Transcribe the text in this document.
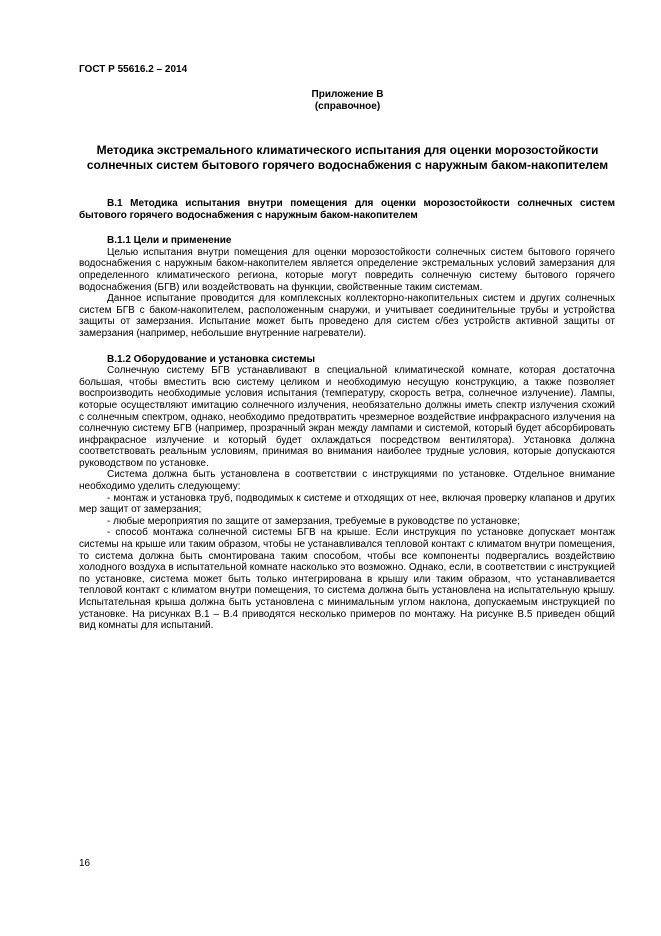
ГОСТ Р 55616.2 – 2014

Приложение В

(справочное)

Методика экстремального климатического испытания для оценки морозостойкости солнечных систем бытового горячего водоснабжения с наружным баком-накопителем

В.1 Методика испытания внутри помещения для оценки морозостойкости солнечных систем бытового горячего водоснабжения с наружным баком-накопителем

В.1.1 Цели и применение

Целью испытания внутри помещения для оценки морозостойкости солнечных систем бытового горячего водоснабжения с наружным баком-накопителем является определение экстремальных условий замерзания для определенного климатического региона, которые могут повредить солнечную систему бытового горячего водоснабжения (БГВ) или воздействовать на функции, свойственные таким системам.

Данное испытание проводится для комплексных коллекторно-накопительных систем и других солнечных систем БГВ с баком-накопителем, расположенным снаружи, и учитывает соединительные трубы и устройства защиты от замерзания. Испытание может быть проведено для систем с/без устройств активной защиты от замерзания (например, небольшие внутренние нагреватели).

В.1.2 Оборудование и установка системы

Солнечную систему БГВ устанавливают в специальной климатической комнате, которая достаточна большая, чтобы вместить всю систему целиком и необходимую несущую конструкцию, а также позволяет воспроизводить необходимые условия испытания (температуру, скорость ветра, солнечное излучение). Лампы, которые осуществляют имитацию солнечного излучения, необязательно должны иметь спектр излучения схожий с солнечным спектром, однако, необходимо предотвратить чрезмерное воздействие инфракрасного излучения на солнечную систему БГВ (например, прозрачный экран между лампами и системой, который будет абсорбировать инфракрасное излучение и который будет охлаждаться посредством вентилятора). Установка должна соответствовать реальным условиям, принимая во внимания наиболее трудные условия, которые допускаются руководством по установке.

Система должна быть установлена в соответствии с инструкциями по установке. Отдельное внимание необходимо уделить следующему:

- монтаж и установка труб, подводимых к системе и отходящих от нее, включая проверку клапанов и других мер защит от замерзания;

- любые мероприятия по защите от замерзания, требуемые в руководстве по установке;

- способ монтажа солнечной системы БГВ на крыше. Если инструкция по установке допускает монтаж системы на крыше или таким образом, чтобы не устанавливался тепловой контакт с климатом внутри помещения, то система должна быть смонтирована таким способом, чтобы все компоненты подвергались воздействию холодного воздуха в испытательной комнате насколько это возможно. Однако, если, в соответствии с инструкцией по установке, система может быть только интегрирована в крышу или таким образом, что устанавливается тепловой контакт с климатом внутри помещения, то система должна быть установлена на испытательную крышу. Испытательная крыша должна быть установлена с минимальным углом наклона, допускаемым инструкцией по установке. На рисунках В.1 – В.4 приводятся несколько примеров по монтажу. На рисунке В.5 приведен общий вид комнаты для испытаний.

16
